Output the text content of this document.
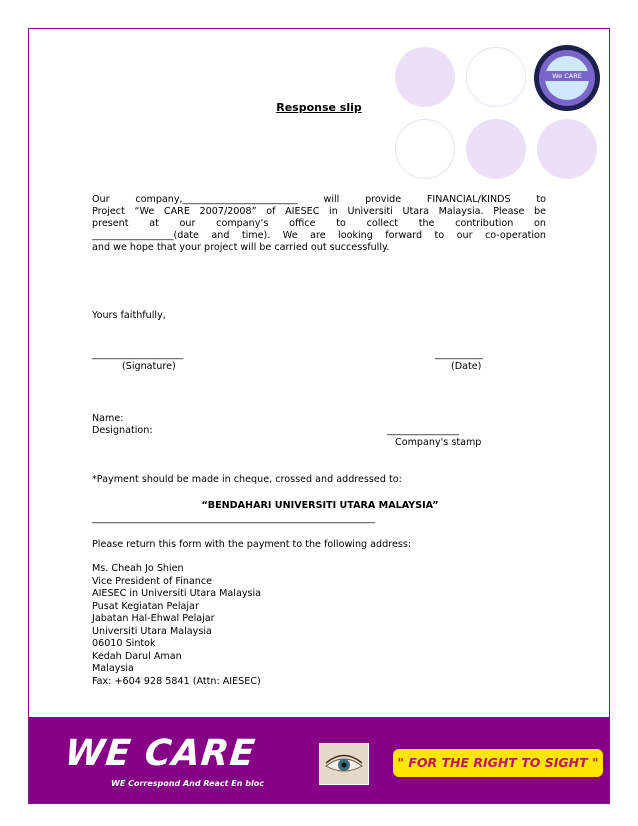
We CARE
Response slip
Our company,________________________ will provide FINANCIAL/KINDS to
Project “We CARE 2007/2008” of AIESEC in Universiti Utara Malaysia. Please be
present at our company’s office to collect the contribution on
_________________(date and time). We are looking forward to our co-operation
and we hope that your project will be carried out successfully.
Yours faithfully,
___________________
(Signature)
__________
(Date)
Name:
Designation:	_______________
Company's stamp
*Payment should be made in cheque, crossed and addressed to:
“BENDAHARI UNIVERSITI UTARA MALAYSIA”
___________________________________________________________
Please return this form with the payment to the following address:
Ms. Cheah Jo Shien
Vice President of Finance
AIESEC in Universiti Utara Malaysia
Pusat Kegiatan Pelajar
Jabatan Hal-Ehwal Pelajar
Universiti Utara Malaysia
06010 Sintok
Kedah Darul Aman
Malaysia
Fax: +604 928 5841 (Attn: AIESEC)
WE CARE
WE Correspond And React En bloc
" FOR THE RIGHT TO SIGHT "
